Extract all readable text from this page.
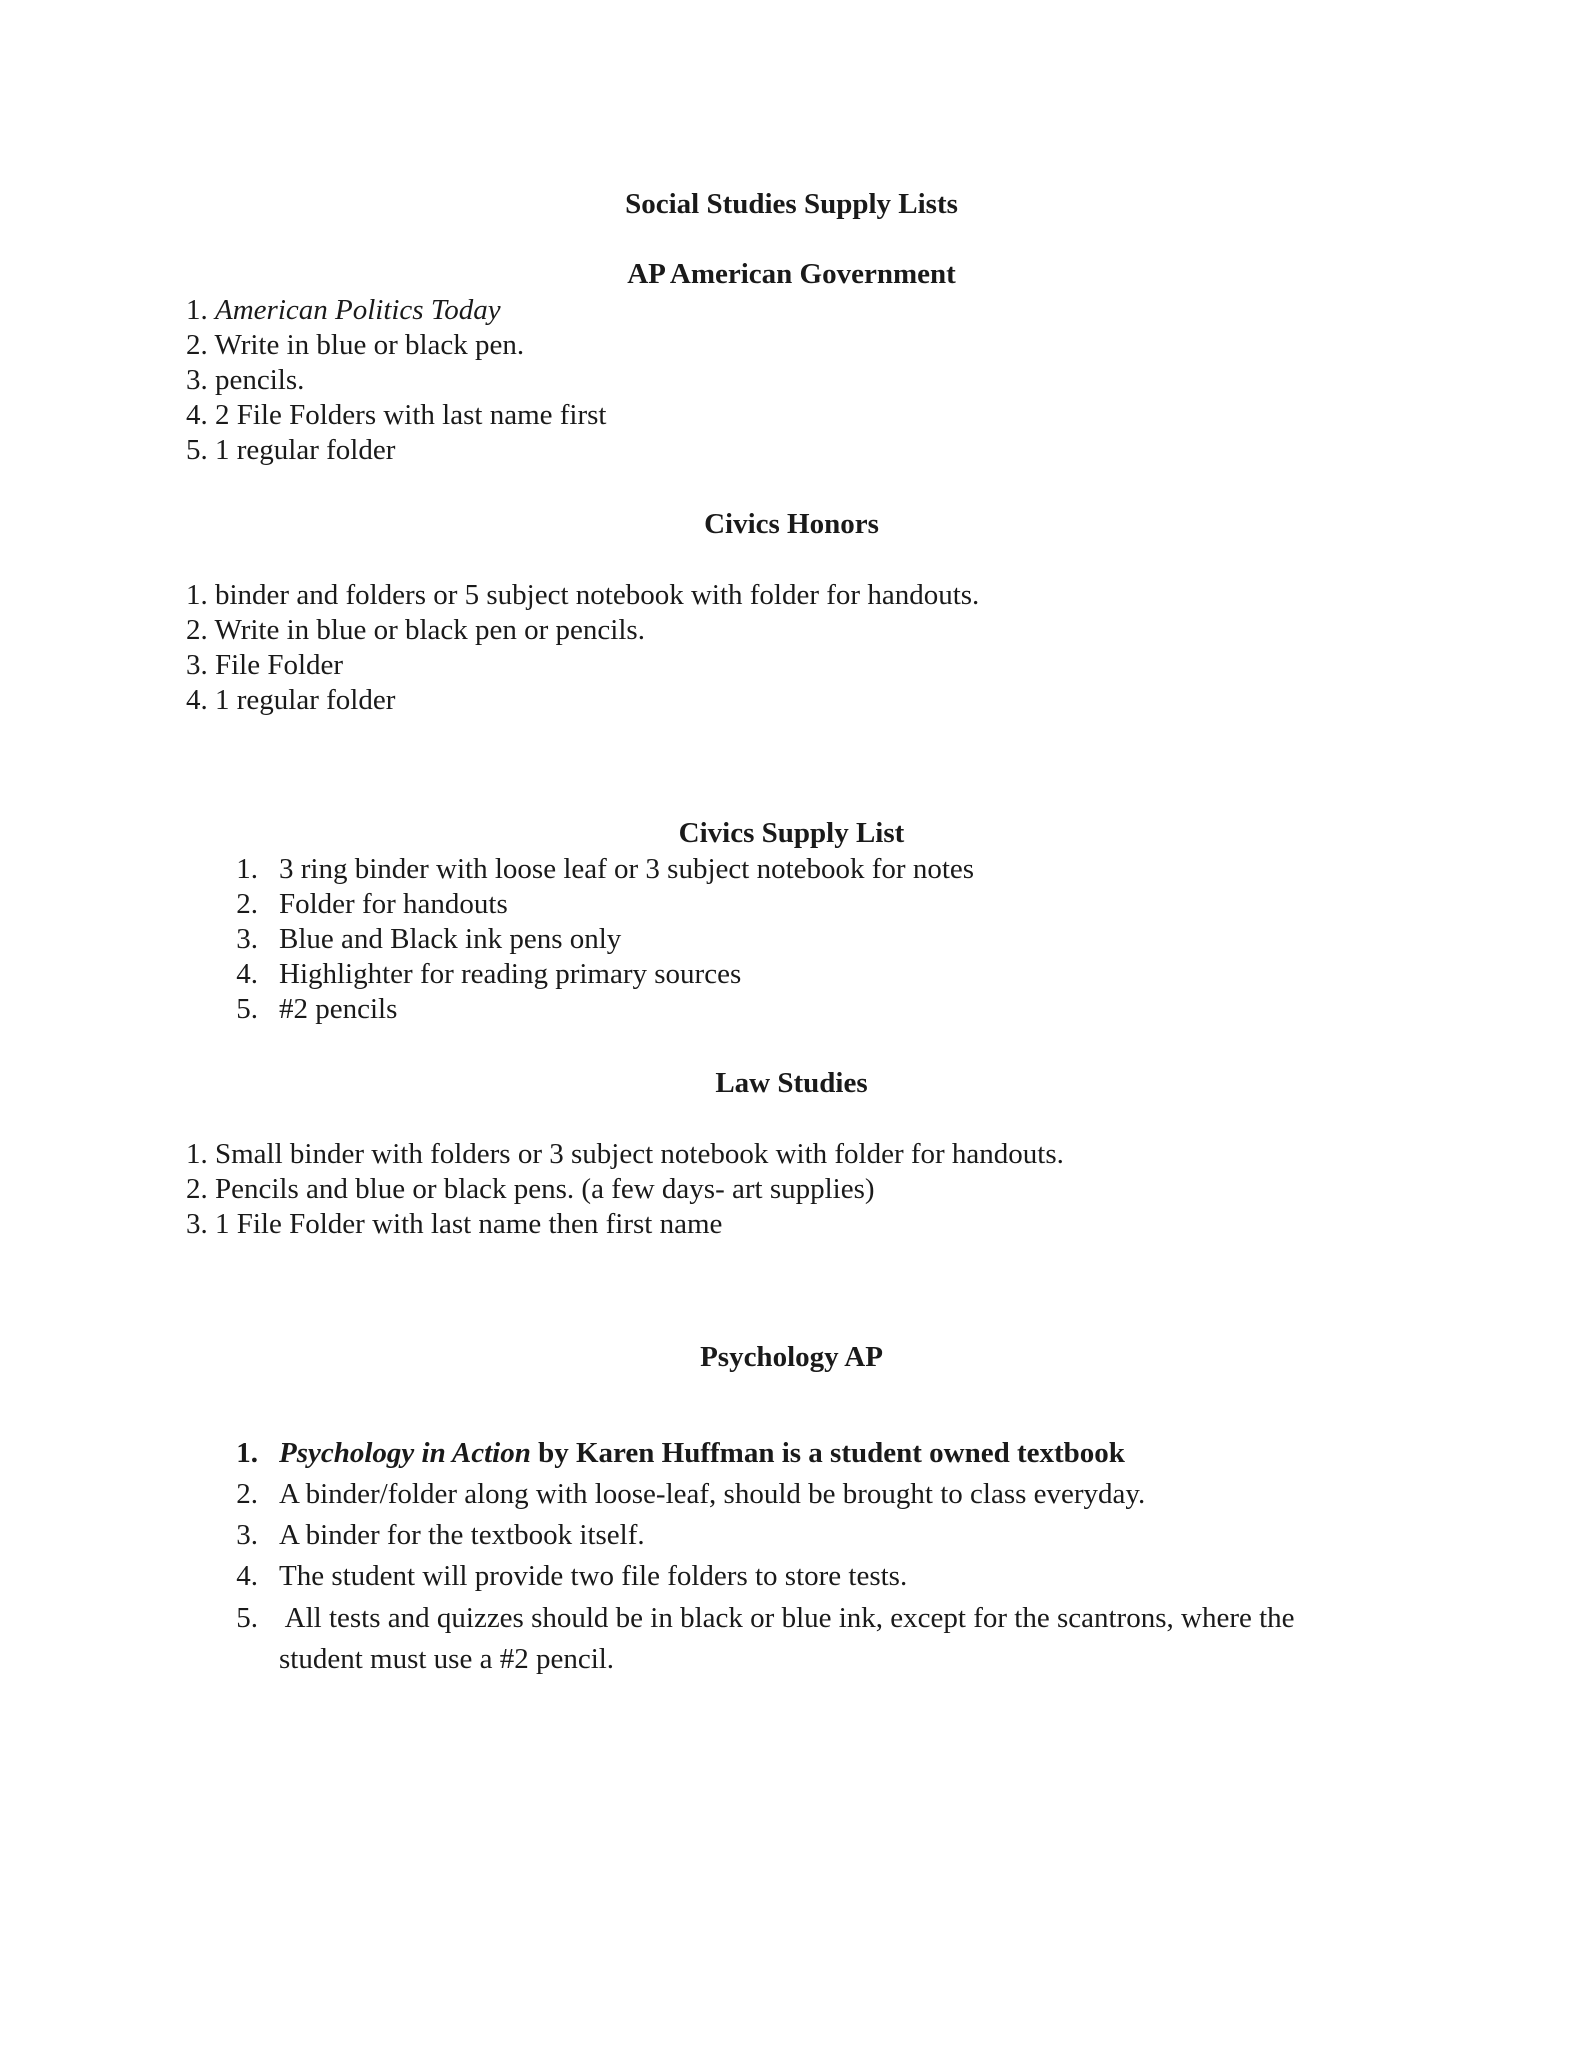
Social Studies Supply Lists

AP American Government

1. American Politics Today

2. Write in blue or black pen.

3. pencils.

4. 2 File Folders with last name first

5. 1 regular folder

Civics Honors

1. binder and folders or 5 subject notebook with folder for handouts.

2. Write in blue or black pen or pencils.

3. File Folder

4. 1 regular folder

Civics Supply List

1. 3 ring binder with loose leaf or 3 subject notebook for notes

2. Folder for handouts

3. Blue and Black ink pens only

4. Highlighter for reading primary sources

5. #2 pencils

Law Studies

1. Small binder with folders or 3 subject notebook with folder for handouts.

2. Pencils and blue or black pens. (a few days- art supplies)

3. 1 File Folder with last name then first name

Psychology AP

1. Psychology in Action by Karen Huffman is a student owned textbook

2. A binder/folder along with loose-leaf, should be brought to class everyday.

3. A binder for the textbook itself.

4. The student will provide two file folders to store tests.

5. All tests and quizzes should be in black or blue ink, except for the scantrons, where the

student must use a #2 pencil.
